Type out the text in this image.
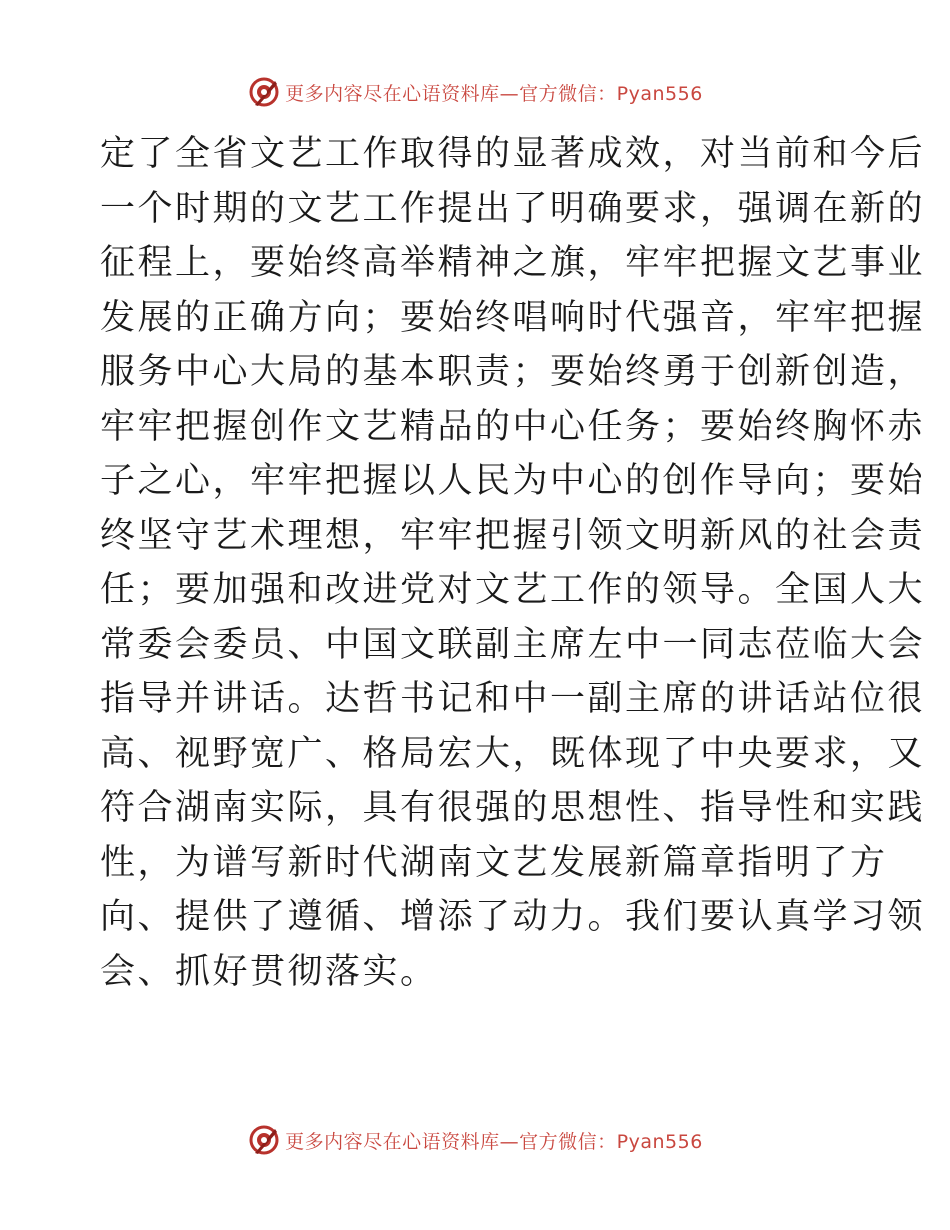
更多内容尽在心语资料库—官方微信：Pyan556
定了全省文艺工作取得的显著成效，对当前和今后
一个时期的文艺工作提出了明确要求，强调在新的
征程上，要始终高举精神之旗，牢牢把握文艺事业
发展的正确方向；要始终唱响时代强音，牢牢把握
服务中心大局的基本职责；要始终勇于创新创造，
牢牢把握创作文艺精品的中心任务；要始终胸怀赤
子之心，牢牢把握以人民为中心的创作导向；要始
终坚守艺术理想，牢牢把握引领文明新风的社会责
任；要加强和改进党对文艺工作的领导。全国人大
常委会委员、中国文联副主席左中一同志莅临大会
指导并讲话。达哲书记和中一副主席的讲话站位很
高、视野宽广、格局宏大，既体现了中央要求，又
符合湖南实际，具有很强的思想性、指导性和实践
性，为谱写新时代湖南文艺发展新篇章指明了方
向、提供了遵循、增添了动力。我们要认真学习领
会、抓好贯彻落实。
更多内容尽在心语资料库—官方微信：Pyan556
